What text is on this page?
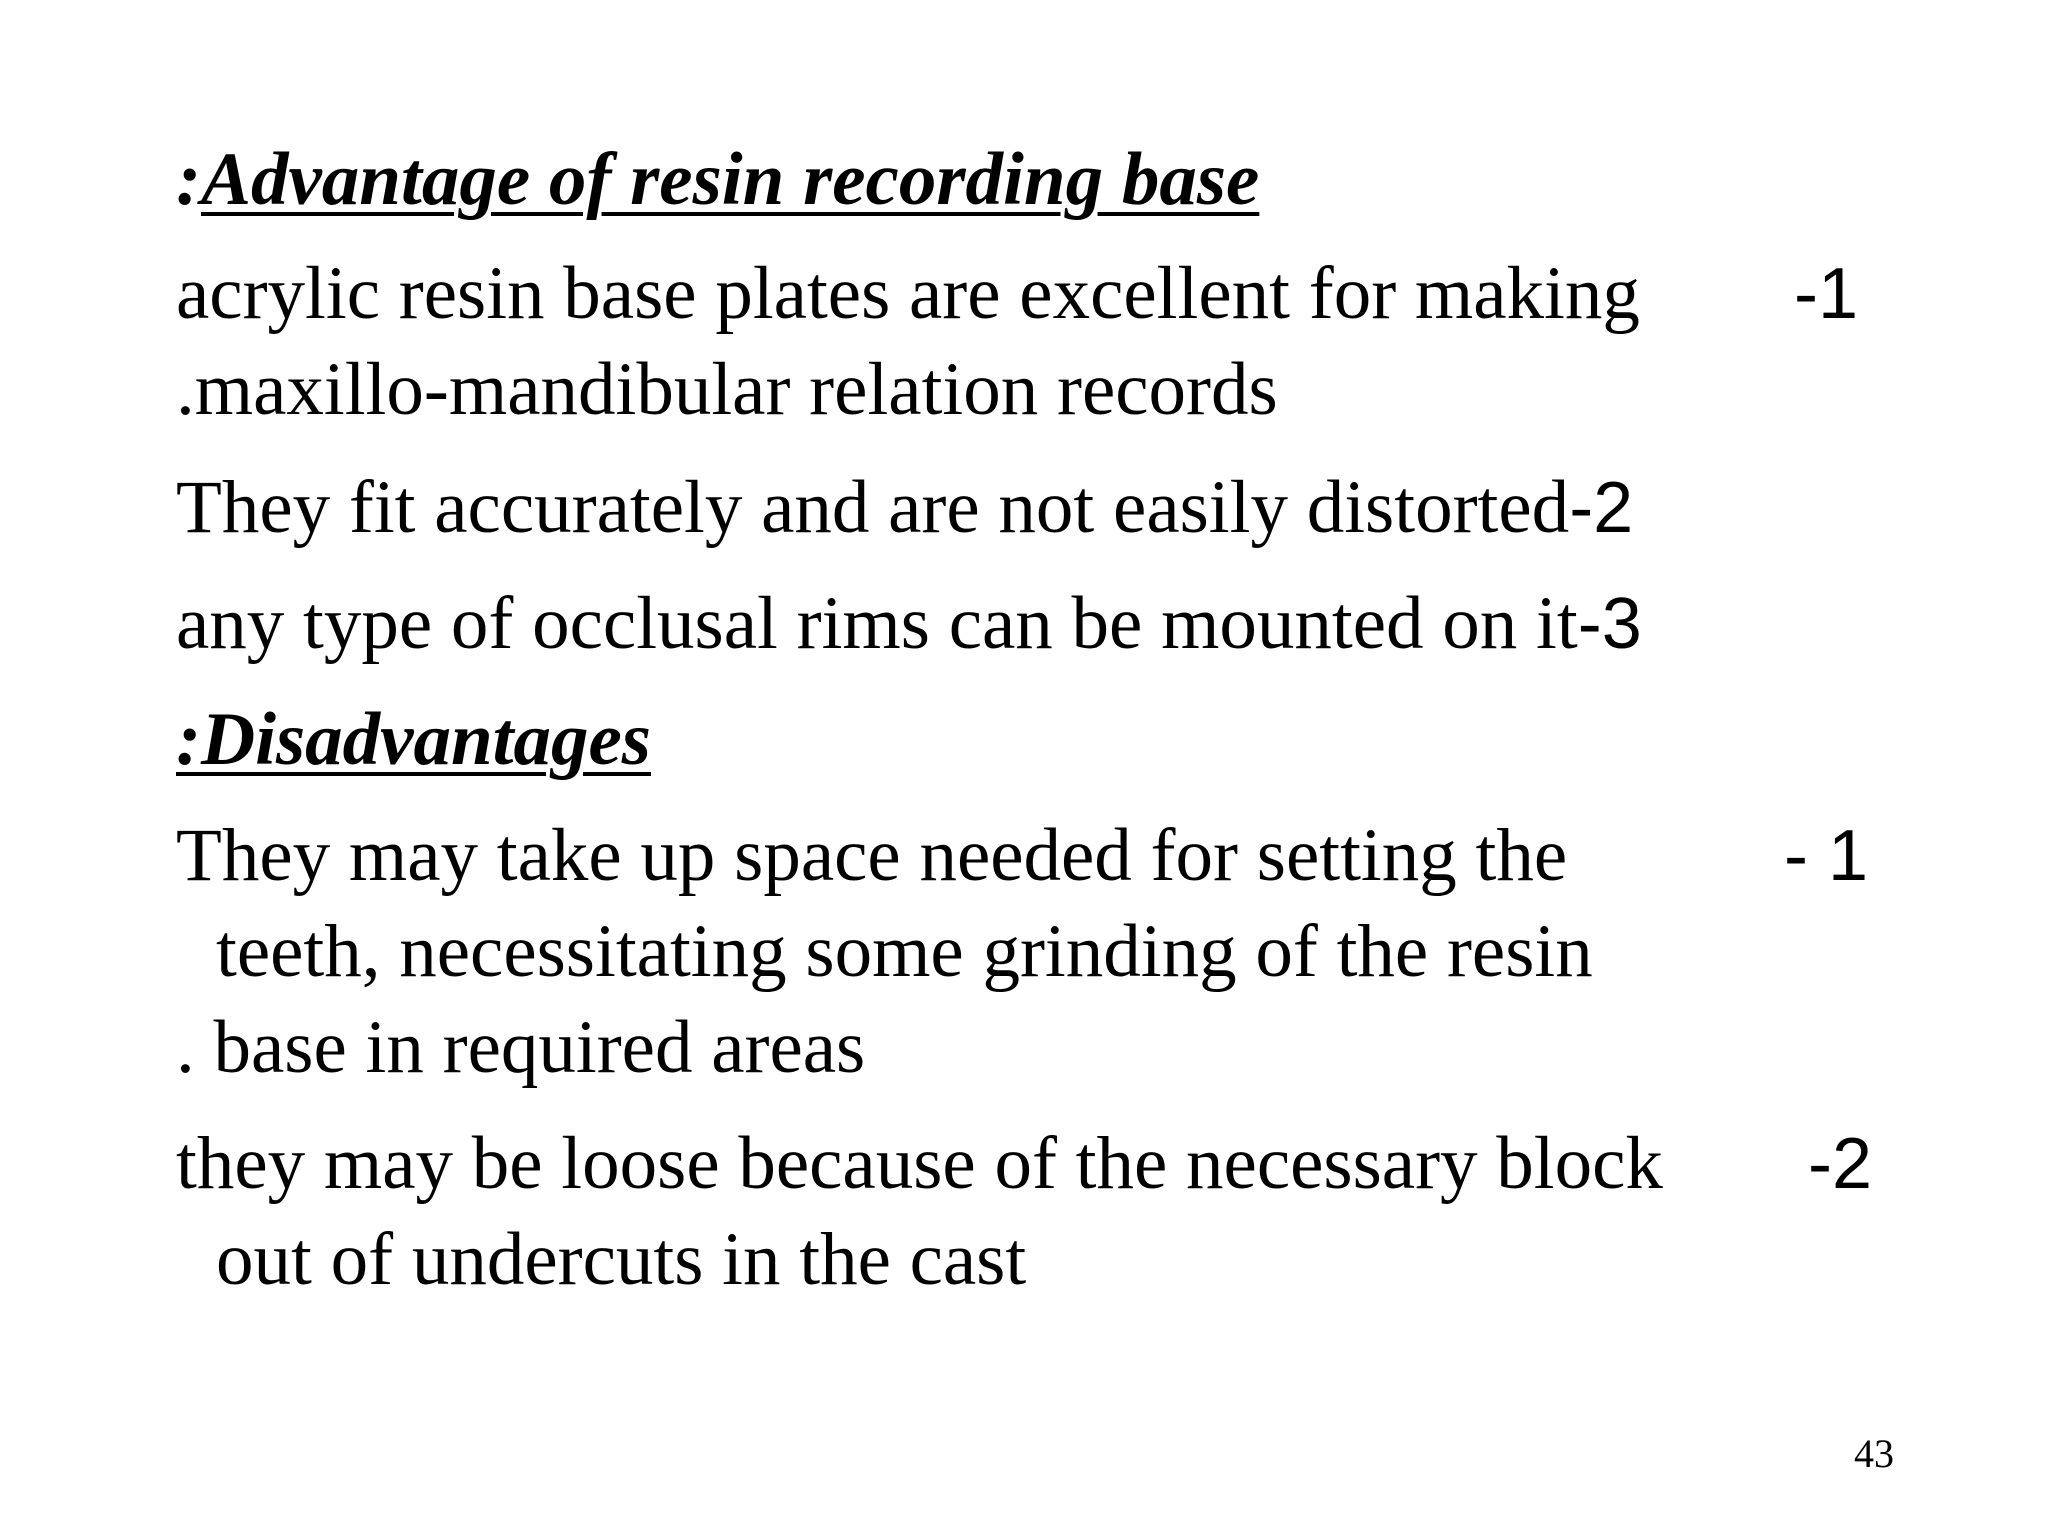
:Advantage of resin recording base
acrylic resin base plates are excellent for making -1
.maxillo-mandibular relation records
They fit accurately and are not easily distorted-2
any type of occlusal rims can be mounted on it-3
:Disadvantages
They may take up space needed for setting the	- 1
teeth, necessitating some grinding of the resin
. base in required areas
they may be loose because of the necessary block -2
out of undercuts in the cast
43
